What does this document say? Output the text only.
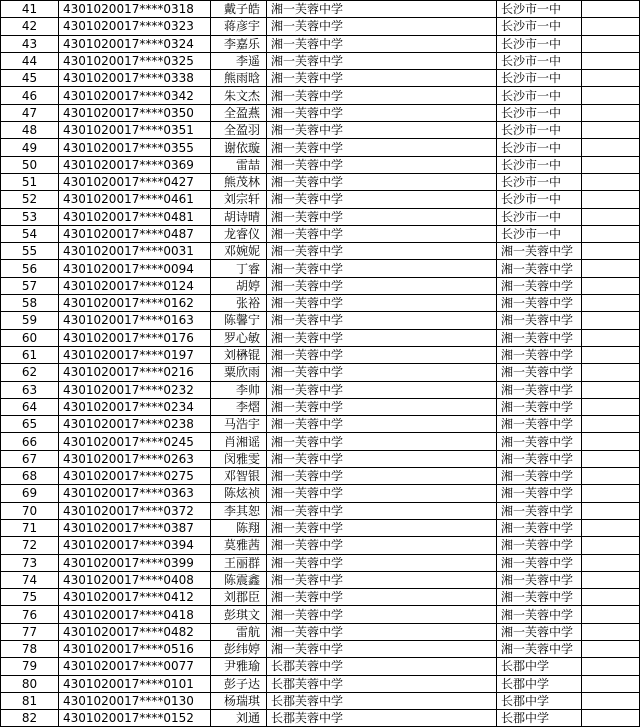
41	4301020017****0318	戴子皓	湘一芙蓉中学	长沙市一中	
42	4301020017****0323	蒋彦宇	湘一芙蓉中学	长沙市一中	
43	4301020017****0324	李嘉乐	湘一芙蓉中学	长沙市一中	
44	4301020017****0325	李遥	湘一芙蓉中学	长沙市一中	
45	4301020017****0338	熊雨晗	湘一芙蓉中学	长沙市一中	
46	4301020017****0342	朱文杰	湘一芙蓉中学	长沙市一中	
47	4301020017****0350	全盈燕	湘一芙蓉中学	长沙市一中	
48	4301020017****0351	全盈羽	湘一芙蓉中学	长沙市一中	
49	4301020017****0355	谢依璇	湘一芙蓉中学	长沙市一中	
50	4301020017****0369	雷喆	湘一芙蓉中学	长沙市一中	
51	4301020017****0427	熊茂林	湘一芙蓉中学	长沙市一中	
52	4301020017****0461	刘宗轩	湘一芙蓉中学	长沙市一中	
53	4301020017****0481	胡诗晴	湘一芙蓉中学	长沙市一中	
54	4301020017****0487	龙睿仪	湘一芙蓉中学	长沙市一中	
55	4301020017****0031	邓婉妮	湘一芙蓉中学	湘一芙蓉中学	
56	4301020017****0094	丁睿	湘一芙蓉中学	湘一芙蓉中学	
57	4301020017****0124	胡婷	湘一芙蓉中学	湘一芙蓉中学	
58	4301020017****0162	张裕	湘一芙蓉中学	湘一芙蓉中学	
59	4301020017****0163	陈馨宁	湘一芙蓉中学	湘一芙蓉中学	
60	4301020017****0176	罗心敏	湘一芙蓉中学	湘一芙蓉中学	
61	4301020017****0197	刘楙锟	湘一芙蓉中学	湘一芙蓉中学	
62	4301020017****0216	粟欣雨	湘一芙蓉中学	湘一芙蓉中学	
63	4301020017****0232	李帅	湘一芙蓉中学	湘一芙蓉中学	
64	4301020017****0234	李熠	湘一芙蓉中学	湘一芙蓉中学	
65	4301020017****0238	马浩宇	湘一芙蓉中学	湘一芙蓉中学	
66	4301020017****0245	肖湘谣	湘一芙蓉中学	湘一芙蓉中学	
67	4301020017****0263	闵雅雯	湘一芙蓉中学	湘一芙蓉中学	
68	4301020017****0275	邓智银	湘一芙蓉中学	湘一芙蓉中学	
69	4301020017****0363	陈炫祯	湘一芙蓉中学	湘一芙蓉中学	
70	4301020017****0372	李其恕	湘一芙蓉中学	湘一芙蓉中学	
71	4301020017****0387	陈翔	湘一芙蓉中学	湘一芙蓉中学	
72	4301020017****0394	莫雅茜	湘一芙蓉中学	湘一芙蓉中学	
73	4301020017****0399	王丽群	湘一芙蓉中学	湘一芙蓉中学	
74	4301020017****0408	陈震鑫	湘一芙蓉中学	湘一芙蓉中学	
75	4301020017****0412	刘郡臣	湘一芙蓉中学	湘一芙蓉中学	
76	4301020017****0418	彭琪文	湘一芙蓉中学	湘一芙蓉中学	
77	4301020017****0482	雷航	湘一芙蓉中学	湘一芙蓉中学	
78	4301020017****0516	彭纬婷	湘一芙蓉中学	湘一芙蓉中学	
79	4301020017****0077	尹雅瑜	长郡芙蓉中学	长郡中学	
80	4301020017****0101	彭子达	长郡芙蓉中学	长郡中学	
81	4301020017****0130	杨瑞琪	长郡芙蓉中学	长郡中学	
82	4301020017****0152	刘通	长郡芙蓉中学	长郡中学	
